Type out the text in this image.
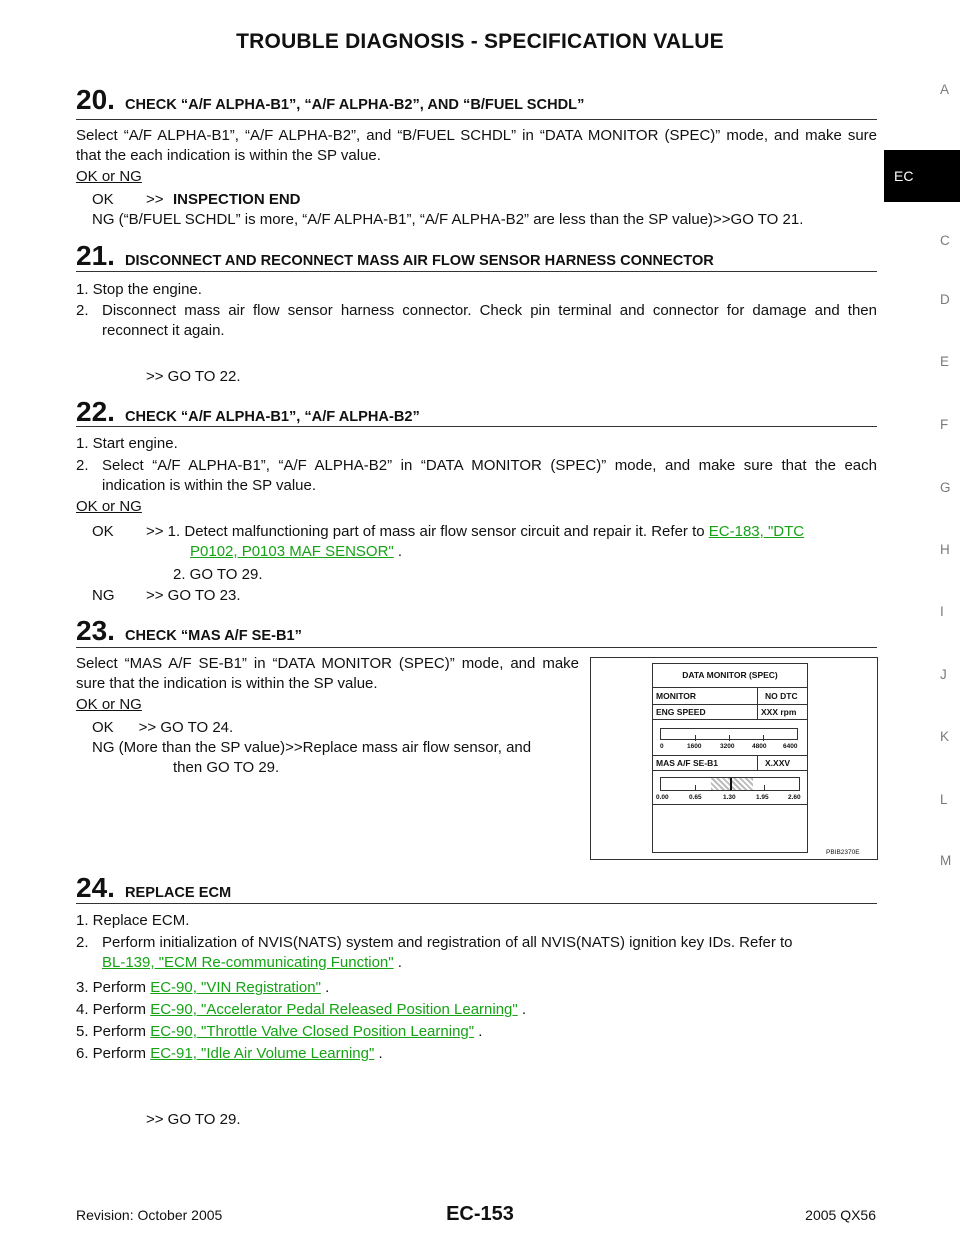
TROUBLE DIAGNOSIS - SPECIFICATION VALUE
A
EC
C
D
E
F
G
H
I
J
K
L
M
20. CHECK “A/F ALPHA-B1”, “A/F ALPHA-B2”, AND “B/FUEL SCHDL”
Select “A/F ALPHA-B1”, “A/F ALPHA-B2”, and “B/FUEL SCHDL” in “DATA MONITOR (SPEC)” mode, and make sure that the each indication is within the SP value.
OK or NG
OK >> INSPECTION END
NG (“B/FUEL SCHDL” is more, “A/F ALPHA-B1”, “A/F ALPHA-B2” are less than the SP value)>>GO TO 21.
21. DISCONNECT AND RECONNECT MASS AIR FLOW SENSOR HARNESS CONNECTOR
1. Stop the engine.
2. Disconnect mass air flow sensor harness connector. Check pin terminal and connector for damage and then reconnect it again.
>> GO TO 22.
22. CHECK “A/F ALPHA-B1”, “A/F ALPHA-B2”
1. Start engine.
2. Select “A/F ALPHA-B1”, “A/F ALPHA-B2” in “DATA MONITOR (SPEC)” mode, and make sure that the each indication is within the SP value.
OK or NG
OK >> 1. Detect malfunctioning part of mass air flow sensor circuit and repair it. Refer to EC-183, "DTC
P0102, P0103 MAF SENSOR" .
2. GO TO 29.
NG >> GO TO 23.
23. CHECK “MAS A/F SE-B1”
Select “MAS A/F SE-B1” in “DATA MONITOR (SPEC)” mode, and make sure that the indication is within the SP value.
OK or NG
OK      >> GO TO 24.
NG (More than the SP value)>>Replace mass air flow sensor, and
then GO TO 29.
DATA MONITOR (SPEC)
MONITOR	NO DTC
ENG SPEED	XXX rpm
0	1600	3200	4800	6400
MAS A/F SE-B1	X.XXV
0.00	0.65	1.30	1.95	2.60
PBIB2370E
24. REPLACE ECM
1. Replace ECM.
2. Perform initialization of NVIS(NATS) system and registration of all NVIS(NATS) ignition key IDs. Refer to
BL-139, "ECM Re-communicating Function" .
3. Perform EC-90, "VIN Registration" .
4. Perform EC-90, "Accelerator Pedal Released Position Learning" .
5. Perform EC-90, "Throttle Valve Closed Position Learning" .
6. Perform EC-91, "Idle Air Volume Learning" .
>> GO TO 29.
Revision: October 2005	EC-153	2005 QX56
